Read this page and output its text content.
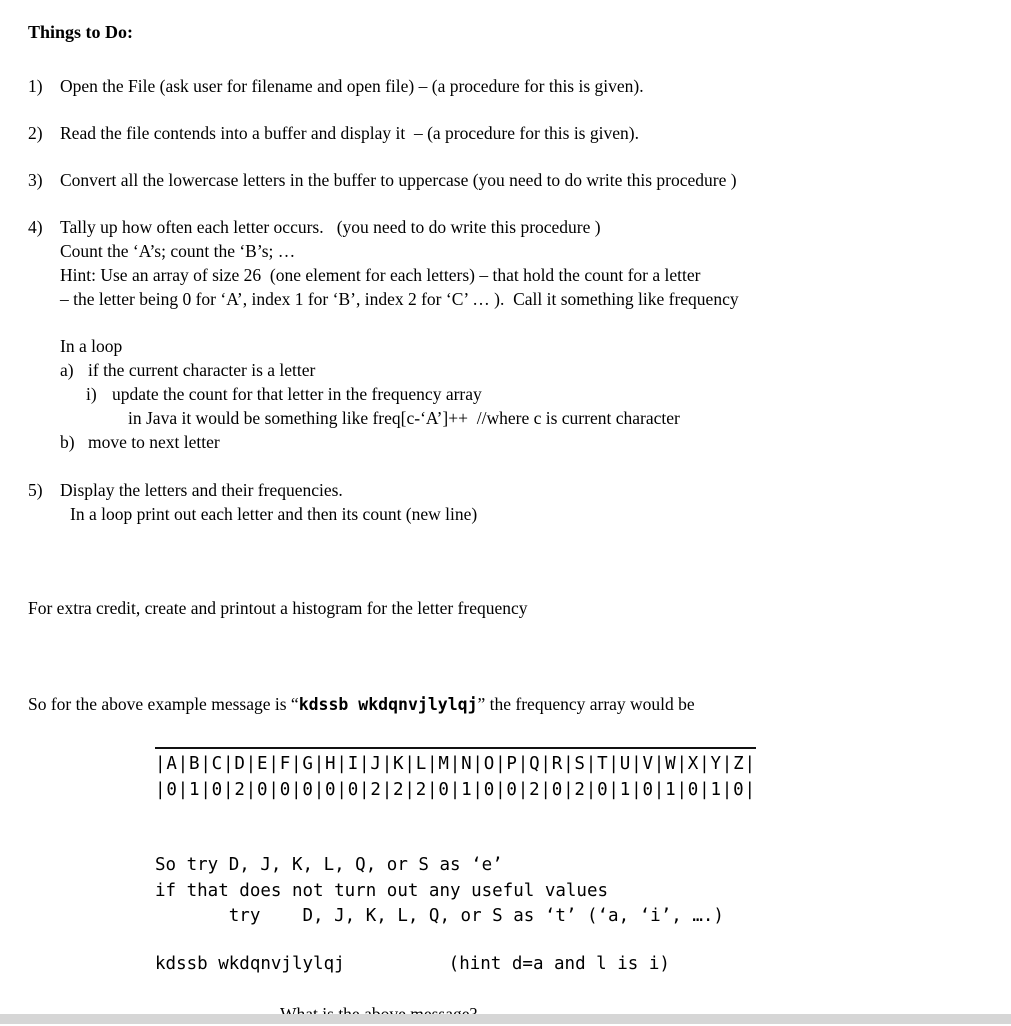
Things to Do:
1) Open the File (ask user for filename and open file) – (a procedure for this is given).
2) Read the file contends into a buffer and display it  – (a procedure for this is given).
3) Convert all the lowercase letters in the buffer to uppercase (you need to do write this procedure )
4) Tally up how often each letter occurs.   (you need to do write this procedure )
Count the ‘A’s; count the ‘B’s; …
Hint: Use an array of size 26  (one element for each letters) – that hold the count for a letter
– the letter being 0 for ‘A’, index 1 for ‘B’, index 2 for ‘C’ … ).  Call it something like frequency
In a loop
a) if the current character is a letter
i) update the count for that letter in the frequency array
in Java it would be something like freq[c-‘A’]++  //where c is current character
b) move to next letter
5) Display the letters and their frequencies.
In a loop print out each letter and then its count (new line)
For extra credit, create and printout a histogram for the letter frequency
So for the above example message is “kdssb wkdqnvjlylqj” the frequency array would be
|A|B|C|D|E|F|G|H|I|J|K|L|M|N|O|P|Q|R|S|T|U|V|W|X|Y|Z|
|0|1|0|2|0|0|0|0|0|2|2|2|0|1|0|0|2|0|2|0|1|0|1|0|1|0|
So try D, J, K, L, Q, or S as ‘e’
if that does not turn out any useful values
try    D, J, K, L, Q, or S as ‘t’ (‘a, ‘i’, ….)
kdssb wkdqnvjlylqj	(hint d=a and l is i)
